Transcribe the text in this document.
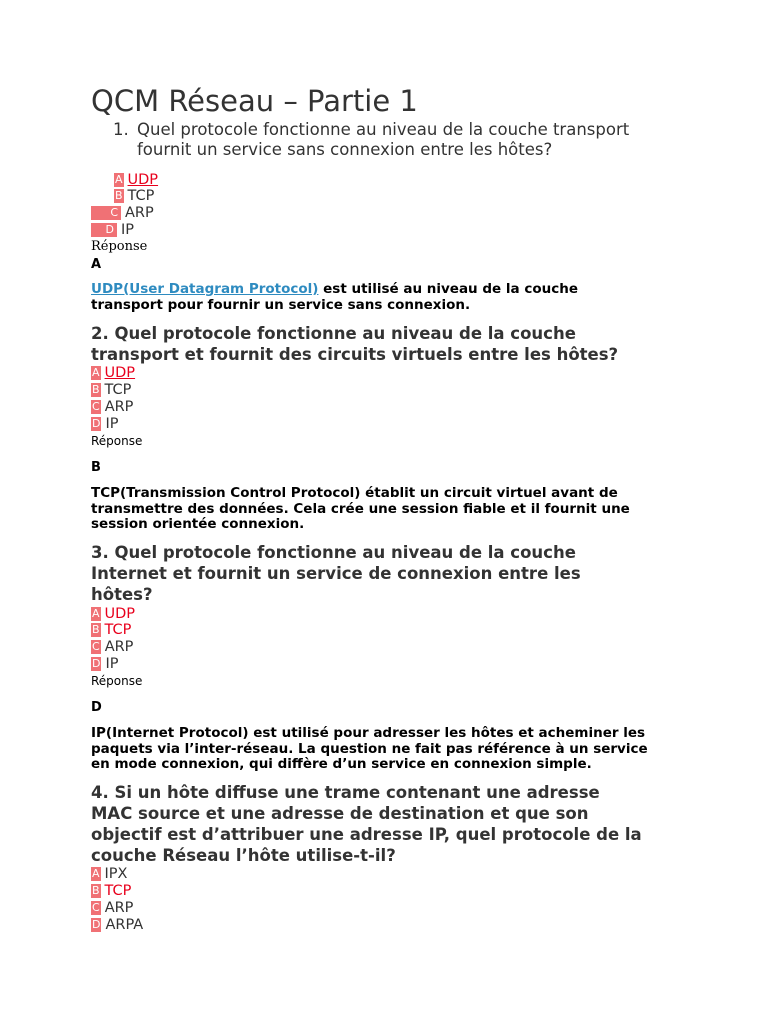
QCM Réseau – Partie 1
1. Quel protocole fonctionne au niveau de la couche transport
fournit un service sans connexion entre les hôtes?
A UDP
B TCP
C ARP
D IP
Réponse
A
UDP(User Datagram Protocol) est utilisé au niveau de la couche
transport pour fournir un service sans connexion.
2. Quel protocole fonctionne au niveau de la couche
transport et fournit des circuits virtuels entre les hôtes?
A UDP
B TCP
C ARP
D IP
Réponse
B
TCP(Transmission Control Protocol) établit un circuit virtuel avant de
transmettre des données. Cela crée une session fiable et il fournit une
session orientée connexion.
3. Quel protocole fonctionne au niveau de la couche
Internet et fournit un service de connexion entre les
hôtes?
A UDP
B TCP
C ARP
D IP
Réponse
D
IP(Internet Protocol) est utilisé pour adresser les hôtes et acheminer les
paquets via l’inter-réseau. La question ne fait pas référence à un service
en mode connexion, qui diffère d’un service en connexion simple.
4. Si un hôte diffuse une trame contenant une adresse
MAC source et une adresse de destination et que son
objectif est d’attribuer une adresse IP, quel protocole de la
couche Réseau l’hôte utilise-t-il?
A IPX
B TCP
C ARP
D ARPA
